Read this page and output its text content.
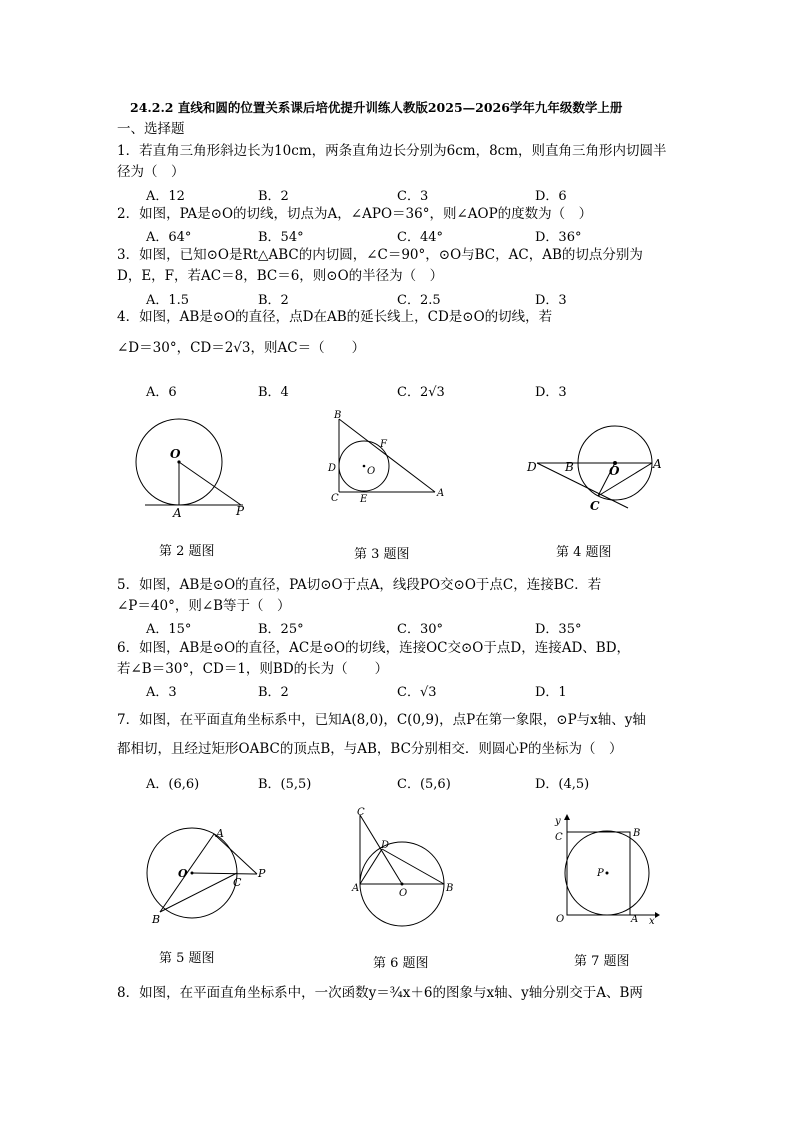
24.2.2 直线和圆的位置关系课后培优提升训练人教版2025—2026学年九年级数学上册
一、选择题
1．若直角三角形斜边长为10cm，两条直角边长分别为6cm，8cm，则直角三角形内切圆半
径为（　）
A．12	B．2	C．3	D．6
2．如图，PA是⊙O的切线，切点为A，∠APO＝36°，则∠AOP的度数为（　）
A．64°	B．54°	C．44°	D．36°
3．如图，已知⊙O是Rt△ABC的内切圆，∠C＝90°，⊙O与BC，AC，AB的切点分别为
D，E，F，若AC＝8，BC＝6，则⊙O的半径为（　）
A．1.5	B．2	C．2.5	D．3
4．如图，AB是⊙O的直径，点D在AB的延长线上，CD是⊙O的切线，若
∠D＝30°，CD＝2√3，则AC＝（　　）
A．6	B．4	C．2√3	D．3
O
A	P
B
F
D	O
C E
A
D B	O	A
C
第 2 题图	第 3 题图	第 4 题图
5．如图，AB是⊙O的直径，PA切⊙O于点A，线段PO交⊙O于点C，连接BC．若
∠P＝40°，则∠B等于（　）
A．15°	B．25°	C．30°	D．35°
6．如图，AB是⊙O的直径，AC是⊙O的切线，连接OC交⊙O于点D，连接AD、BD，
若∠B＝30°，CD＝1，则BD的长为（　　）
A．3	B．2	C．√3	D．1
7．如图，在平面直角坐标系中，已知A(8,0)，C(0,9)，点P在第一象限，⊙P与x轴、y轴
都相切，且经过矩形OABC的顶点B，与AB，BC分别相交．则圆心P的坐标为（　）
A．(6,6)	B．(5,5)	C．(5,6)	D．(4,5)
A
O
C
P
B
C
D
A	O	B
y
C	B
P
O	A x
第 5 题图	第 6 题图	第 7 题图
8．如图，在平面直角坐标系中，一次函数y＝¾x＋6的图象与x轴、y轴分别交于A、B两
